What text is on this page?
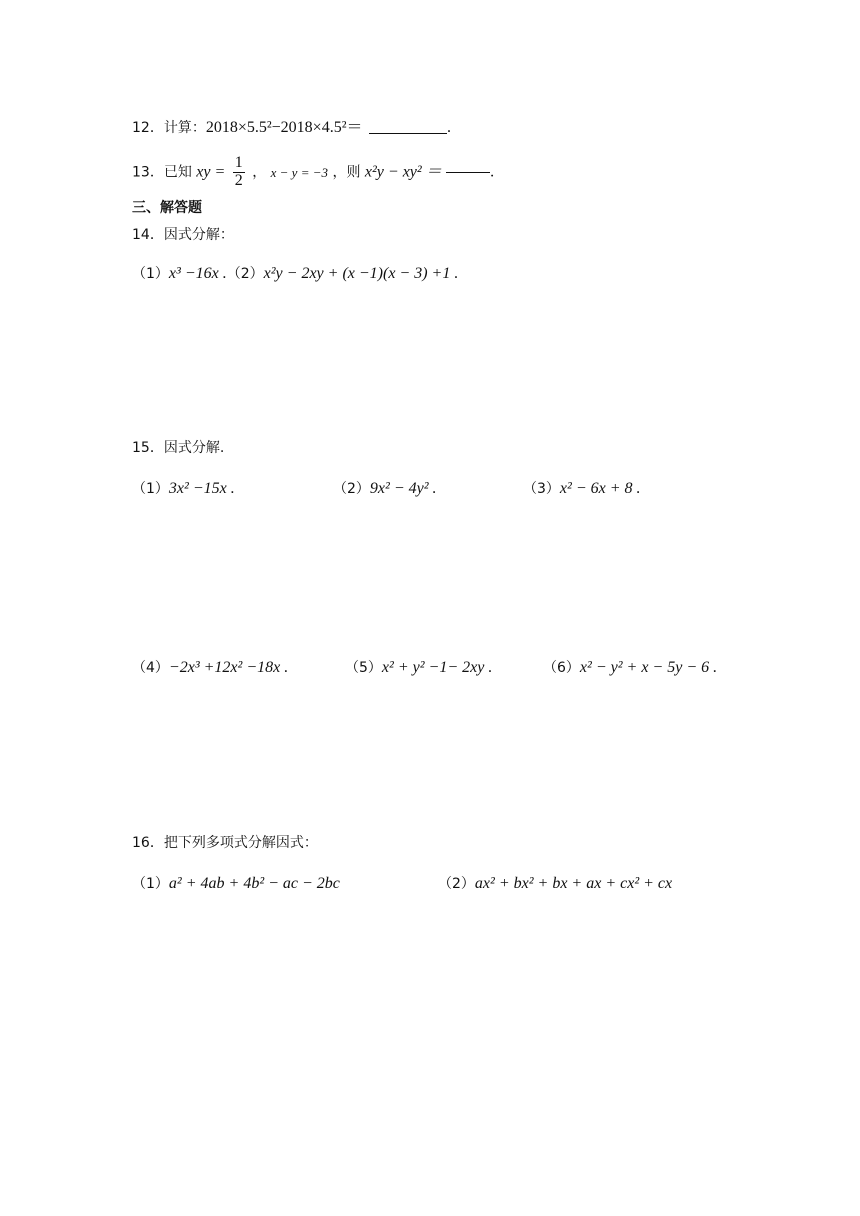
12．计算：2018×5.5²−2018×4.5²＝	.
13．已知 xy = $\frac{1}{2}$ ， x − y = −3 ，则 x²y − xy² ＝	.
三、解答题
14．因式分解：
（1）x³ −16x .（2）x²y − 2xy + (x −1)(x − 3) +1 .
15．因式分解.
（1）3x² −15x .	（2）9x² − 4y² .	（3）x² − 6x + 8 .
（4）−2x³ +12x² −18x .	（5）x² + y² −1− 2xy .	（6）x² − y² + x − 5y − 6 .
16．把下列多项式分解因式：
（1）a² + 4ab + 4b² − ac − 2bc	（2）ax² + bx² + bx + ax + cx² + cx
